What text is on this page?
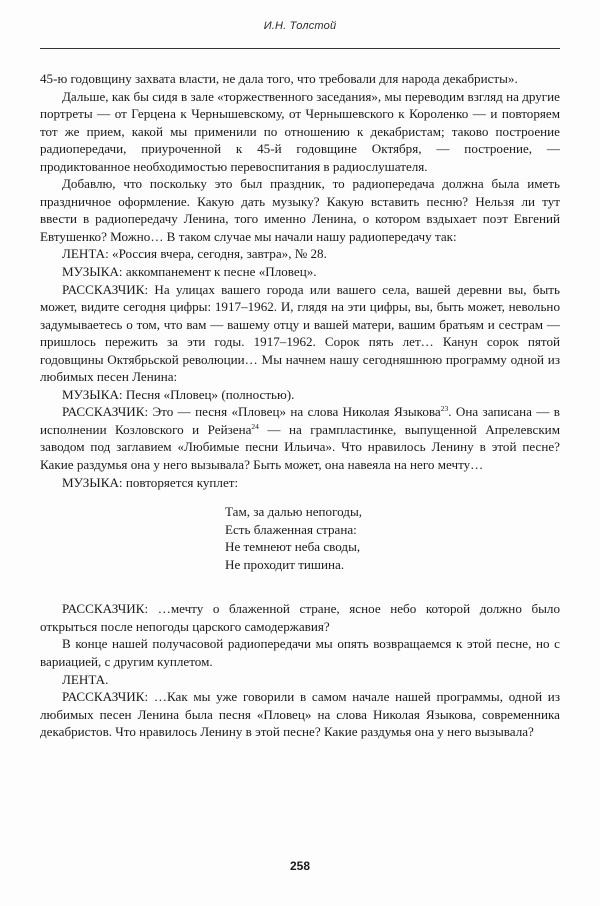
И.Н. Толстой

45-ю годовщину захвата власти, не дала того, что требовали для народа декабристы».

Дальше, как бы сидя в зале «торжественного заседания», мы переводим взгляд на другие портреты — от Герцена к Чернышевскому, от Чернышевского к Короленко — и повторяем тот же прием, какой мы применили по отношению к декабристам; таково построение радиопередачи, приуроченной к 45-й годовщине Октября, — построение, — продиктованное необходимостью перевоспитания в радиослушателя.

Добавлю, что поскольку это был праздник, то радиопередача должна была иметь праздничное оформление. Какую дать музыку? Какую вставить песню? Нельзя ли тут ввести в радиопередачу Ленина, того именно Ленина, о котором вздыхает поэт Евгений Евтушенко? Можно… В таком случае мы начали нашу радиопередачу так:

ЛЕНТА: «Россия вчера, сегодня, завтра», № 28.

МУЗЫКА: аккомпанемент к песне «Пловец».

РАССКАЗЧИК: На улицах вашего города или вашего села, вашей деревни вы, быть может, видите сегодня цифры: 1917–1962. И, глядя на эти цифры, вы, быть может, невольно задумываетесь о том, что вам — вашему отцу и вашей матери, вашим братьям и сестрам — пришлось пережить за эти годы. 1917–1962. Сорок пять лет… Канун сорок пятой годовщины Октябрьской революции… Мы начнем нашу сегодняшнюю программу одной из любимых песен Ленина:

МУЗЫКА: Песня «Пловец» (полностью).

РАССКАЗЧИК: Это — песня «Пловец» на слова Николая Языкова$^{23}$. Она записана — в исполнении Козловского и Рейзена$^{24}$ — на грампластинке, выпущенной Апрелевским заводом под заглавием «Любимые песни Ильича». Что нравилось Ленину в этой песне? Какие раздумья она у него вызывала? Быть может, она навеяла на него мечту…

МУЗЫКА: повторяется куплет:

Там, за далью непогоды,
Есть блаженная страна:
Не темнеют неба своды,
Не проходит тишина.

РАССКАЗЧИК: …мечту о блаженной стране, ясное небо которой должно было открыться после непогоды царского самодержавия?

В конце нашей получасовой радиопередачи мы опять возвращаемся к этой песне, но с вариацией, с другим куплетом.

ЛЕНТА.

РАССКАЗЧИК: …Как мы уже говорили в самом начале нашей программы, одной из любимых песен Ленина была песня «Пловец» на слова Николая Языкова, современника декабристов. Что нравилось Ленину в этой песне? Какие раздумья она у него вызывала?

258
